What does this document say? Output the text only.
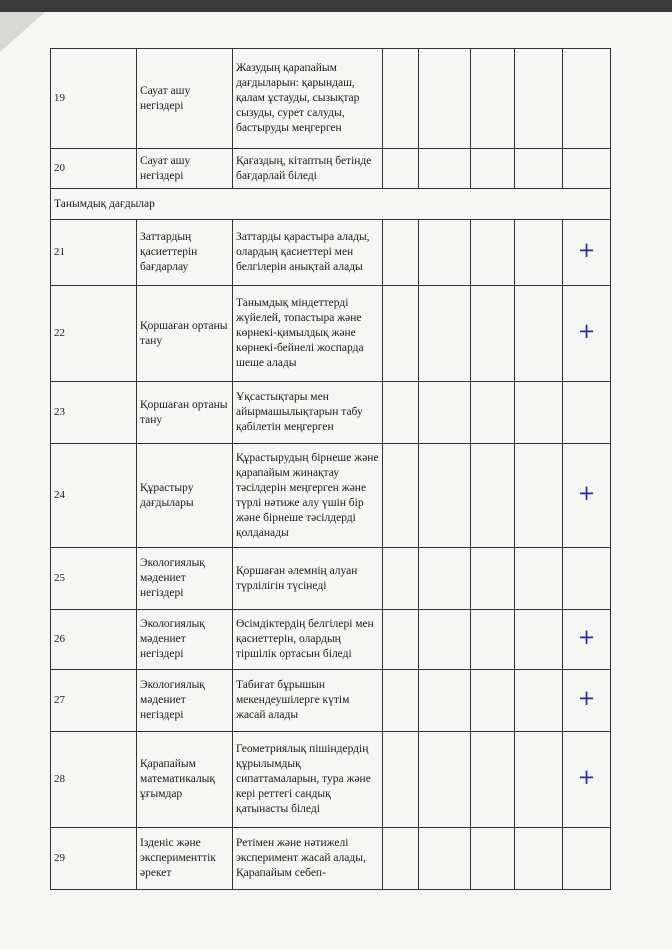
19	Сауат ашу негіздері	Жазудың қарапайым дағдыларын: қарындаш, қалам ұстауды, сызықтар сызуды, сурет салуды, бастыруды меңгерген					
20	Сауат ашу негіздері	Қағаздың, кітаптың бетінде бағдарлай біледі					
Танымдық дағдылар							
21	Заттардың қасиеттерін бағдарлау	Заттарды қарастыра алады, олардың қасиеттері мен белгілерін анықтай алады					+
22	Қоршаған ортаны тану	Танымдық міндеттерді жүйелей, топастыра және көрнекі-қимылдық және көрнекі-бейнелі жоспарда шеше алады					+
23	Қоршаған ортаны тану	Ұқсастықтары мен айырмашылықтарын табу қабілетін меңгерген					
24	Құрастыру дағдылары	Құрастырудың бірнеше және қарапайым жинақтау тәсілдерін меңгерген және түрлі нәтиже алу үшін бір және бірнеше тәсілдерді қолданады					+
25	Экологиялық мәдениет негіздері	Қоршаған әлемнің алуан түрлілігін түсінеді					
26	Экологиялық мәдениет негіздері	Өсімдіктердің белгілері мен қасиеттерін, олардың тіршілік ортасын біледі					+
27	Экологиялық мәдениет негіздері	Табиғат бұрышын мекендеушілерге күтім жасай алады					+
28	Қарапайым математикалық ұғымдар	Геометриялық пішіндердің құрылымдық сипаттамаларын, тура және кері реттегі сандық қатынасты біледі					+
29	Ізденіс және эксперименттік әрекет	Ретімен және нәтижелі эксперимент жасай алады, Қарапайым себеп-					
